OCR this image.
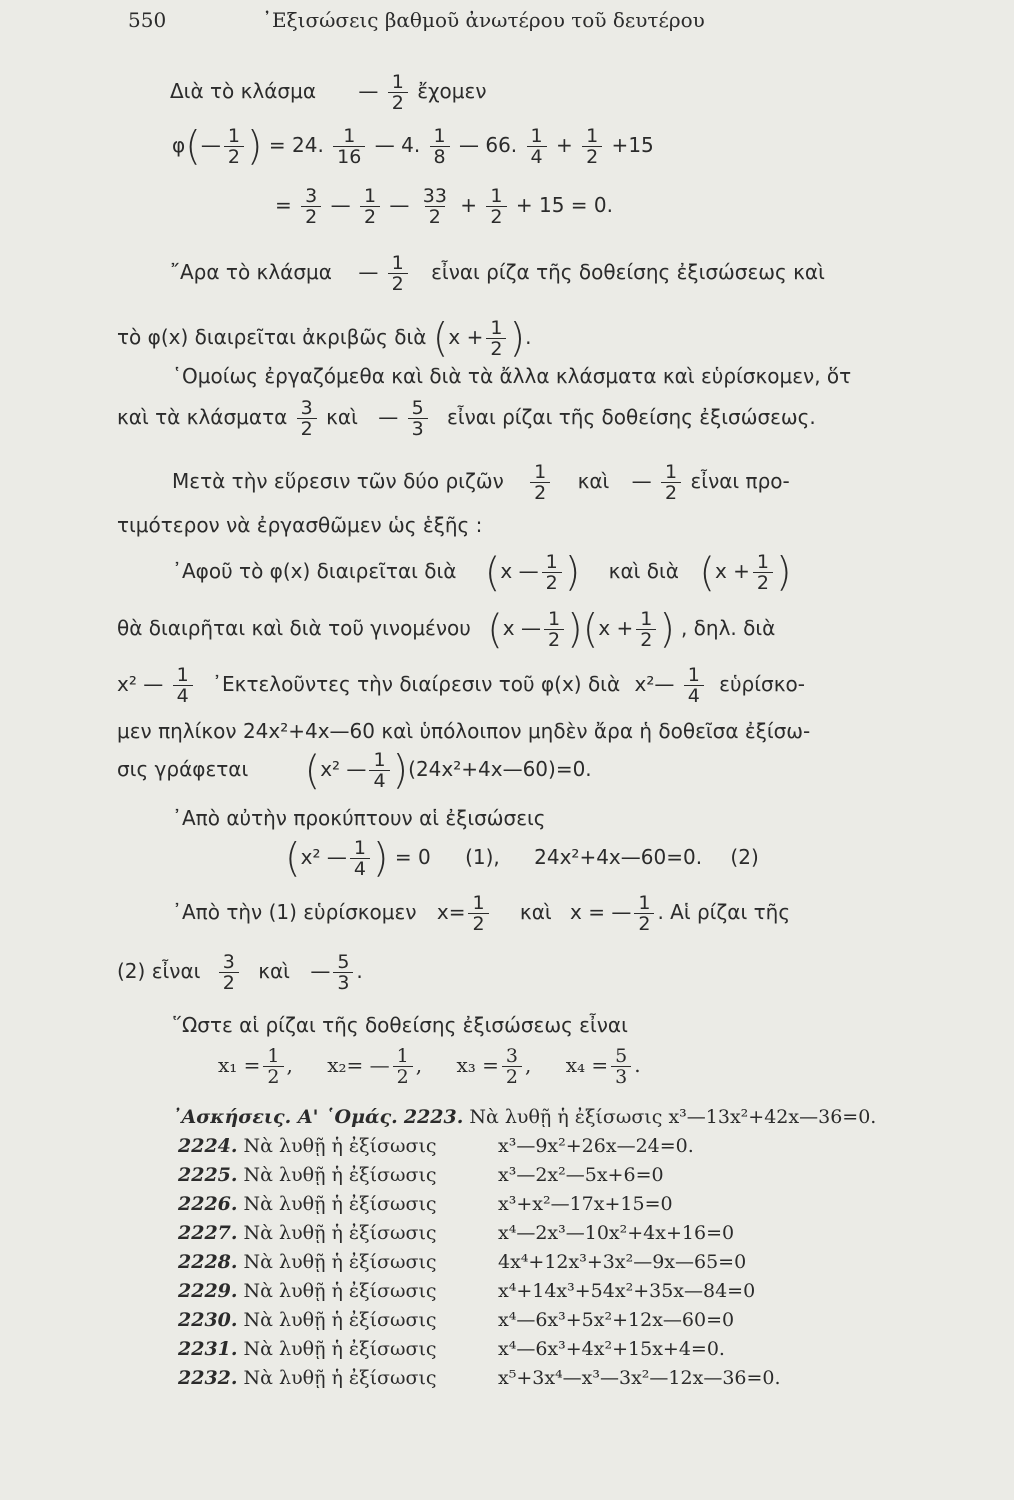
550	᾿Εξισώσεις βαθμοῦ ἀνωτέρου τοῦ δευτέρου
Διὰ τὸ κλάσμα — $\frac{1}{2}$ ἔχομεν
φ(— $\frac{1}{2}$ ) = 24. $\frac{1}{16}$ — 4. $\frac{1}{8}$ — 66. $\frac{1}{4} + \frac{1}{2} +15$
= $\frac{3}{2}$ — $\frac{1}{2}$ — $\frac{33}{2} + \frac{1}{2} + 15 = 0$.
῎Αρα τὸ κλάσμα — $\frac{1}{2}$ εἶναι ρίζα τῆς δοθείσης ἐξισώσεως καὶ
τὸ φ(x) διαιρεῖται ἀκριβῶς διὰ ($x + \frac{1}{2}$ ).
῾Ομοίως ἐργαζόμεθα καὶ διὰ τὰ ἄλλα κλάσματα καὶ εὑρίσκομεν, ὅτ
καὶ τὰ κλάσματα $\frac{3}{2}$ καὶ — $\frac{5}{3}$ εἶναι ρίζαι τῆς δοθείσης ἐξισώσεως.
Μετὰ τὴν εὕρεσιν τῶν δύο ριζῶν $\frac{1}{2}$ καὶ — $\frac{1}{2}$ εἶναι προ-
τιμότερον νὰ ἐργασθῶμεν ὡς ἑξῆς :
᾿Αφοῦ τὸ φ(x) διαιρεῖται διὰ (x — $\frac{1}{2}$ ) καὶ διὰ ($x + \frac{1}{2}$ )
θὰ διαιρῆται καὶ διὰ τοῦ γινομένου (x — $\frac{1}{2} )(x + \frac{1}{2}$ ) , δηλ. διὰ
x² — $\frac{1}{4}$ ᾿Εκτελοῦντες τὴν διαίρεσιν τοῦ φ(x) διὰ x²— $\frac{1}{4}$ εὑρίσκο-
μεν πηλίκον 24x²+4x—60 καὶ ὑπόλοιπον μηδὲν ἄρα ἡ δοθεῖσα ἐξίσω-
σις γράφεται (x² — $\frac{1}{4}$ )(24x²+4x—60)=0.
᾿Απὸ αὐτὴν προκύπτουν αἱ ἐξισώσεις
(x² — $\frac{1}{4}$ ) = 0 (1), 24x²+4x—60=0. (2)
᾿Απὸ τὴν (1) εὑρίσκομεν $x= \frac{1}{2}$ καὶ x = — $\frac{1}{2}$ . Αἱ ρίζαι τῆς
(2) εἶναι $\frac{3}{2}$ καὶ — $\frac{5}{3}$ .
῞Ωστε αἱ ρίζαι τῆς δοθείσης ἐξισώσεως εἶναι
$x_1 = \frac{1}{2}$ , x₂= — $\frac{1}{2}$ , $x_3 = \frac{3}{2}$ , $x_4 = \frac{5}{3}$ .
᾿Ασκήσεις. Α' ῾Ομάς. 2223. Νὰ λυθῇ ἡ ἐξίσωσις x³—13x²+42x—36=0.
2224. Νὰ λυθῇ ἡ ἐξίσωσις	x³—9x²+26x—24=0.
2225. Νὰ λυθῇ ἡ ἐξίσωσις	x³—2x²—5x+6=0
2226. Νὰ λυθῇ ἡ ἐξίσωσις	x³+x²—17x+15=0
2227. Νὰ λυθῇ ἡ ἐξίσωσις	x⁴—2x³—10x²+4x+16=0
2228. Νὰ λυθῇ ἡ ἐξίσωσις	4x⁴+12x³+3x²—9x—65=0
2229. Νὰ λυθῇ ἡ ἐξίσωσις	x⁴+14x³+54x²+35x—84=0
2230. Νὰ λυθῇ ἡ ἐξίσωσις	x⁴—6x³+5x²+12x—60=0
2231. Νὰ λυθῇ ἡ ἐξίσωσις	x⁴—6x³+4x²+15x+4=0.
2232. Νὰ λυθῇ ἡ ἐξίσωσις	x⁵+3x⁴—x³—3x²—12x—36=0.
